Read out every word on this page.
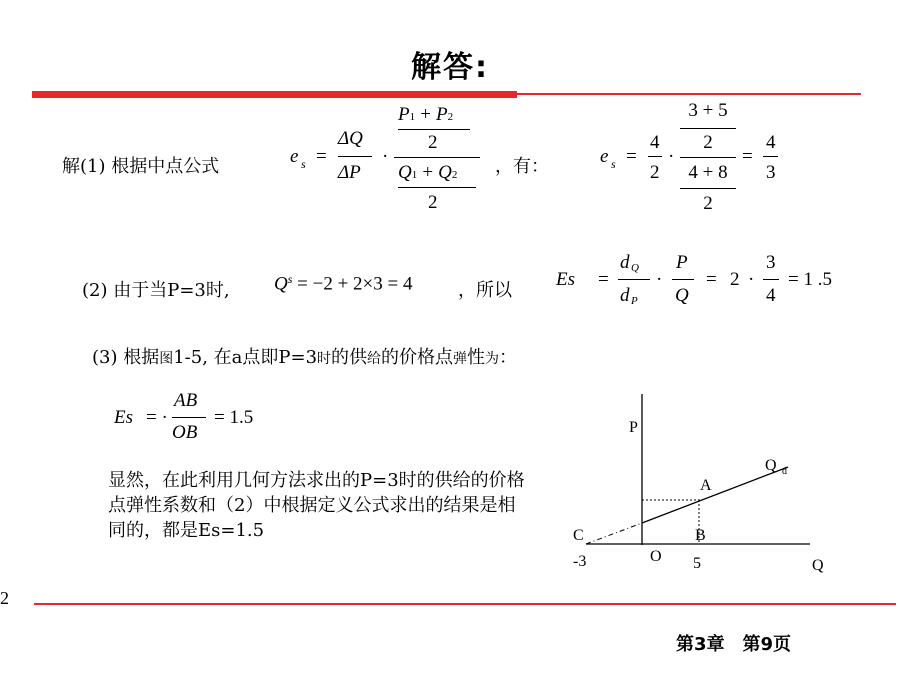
解答:
解(1) 根据中点公式	e s =
ΔQ
ΔP
·
P1 + P2
2
Q1 + Q2
2
，有：	e s =
4
2
·
3 + 5
2
4 + 8
2
=
4
3
(2) 由于当P=3时, $Q^s = -2 + 2\times 3 = 4$	，所以
Es =
d Q
d P
·
P
Q
= 2 ·
3
4
= 1 .5
(3) 根据图1-5, 在a点即P=3时的供给的价格点弹性为：
Es = ·
AB
OB
= 1.5
显然，在此利用几何方法求出的P=3时的供给的价格点弹性系数和（2）中根据定义公式求出的结果是相同的，都是Es=1.5
P
Q d
A
B
C
O
-3	5	Q
2
第3章　第9页
